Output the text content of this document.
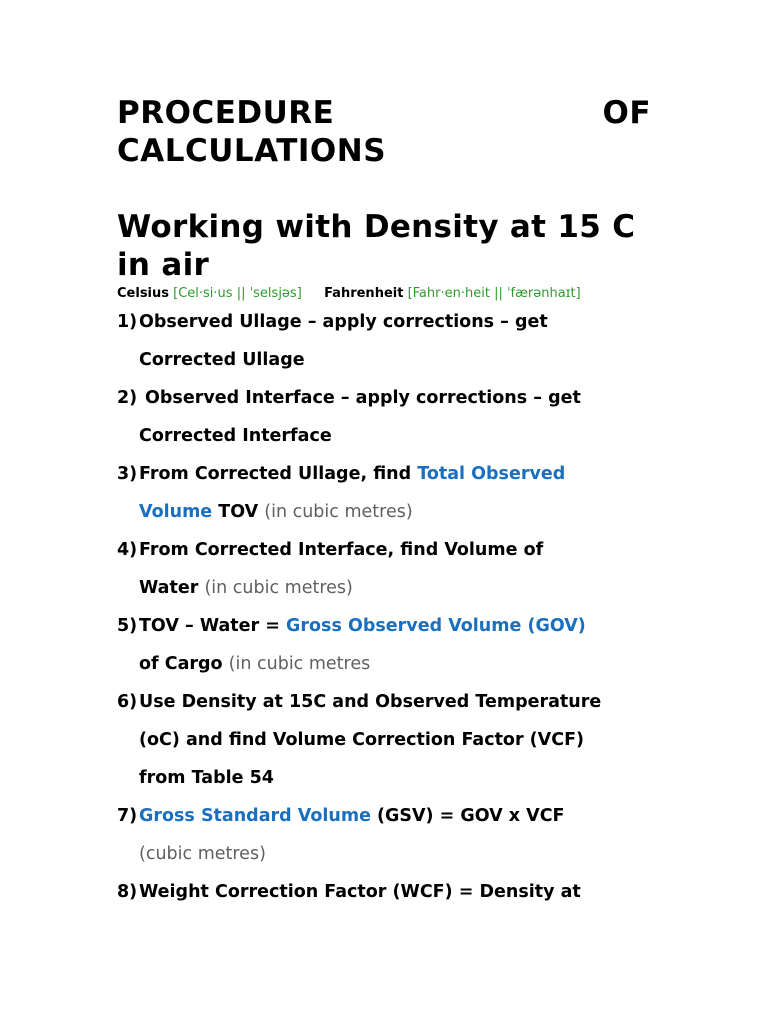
PROCEDURE	OF
CALCULATIONS
Working with Density at 15 C
in air
Celsius [Cel·si·us || ˈselsjəs] Fahrenheit [Fahr·en·heit || ˈfærənhaɪt]
1) Observed Ullage – apply corrections – get
Corrected Ullage
2) Observed Interface – apply corrections – get
Corrected Interface
3) From Corrected Ullage, find Total Observed
Volume TOV (in cubic metres)
4) From Corrected Interface, find Volume of
Water (in cubic metres)
5) TOV – Water = Gross Observed Volume (GOV)
of Cargo (in cubic metres
6) Use Density at 15C and Observed Temperature
(oC) and find Volume Correction Factor (VCF)
from Table 54
7) Gross Standard Volume (GSV) = GOV x VCF
(cubic metres)
8) Weight Correction Factor (WCF) = Density at
